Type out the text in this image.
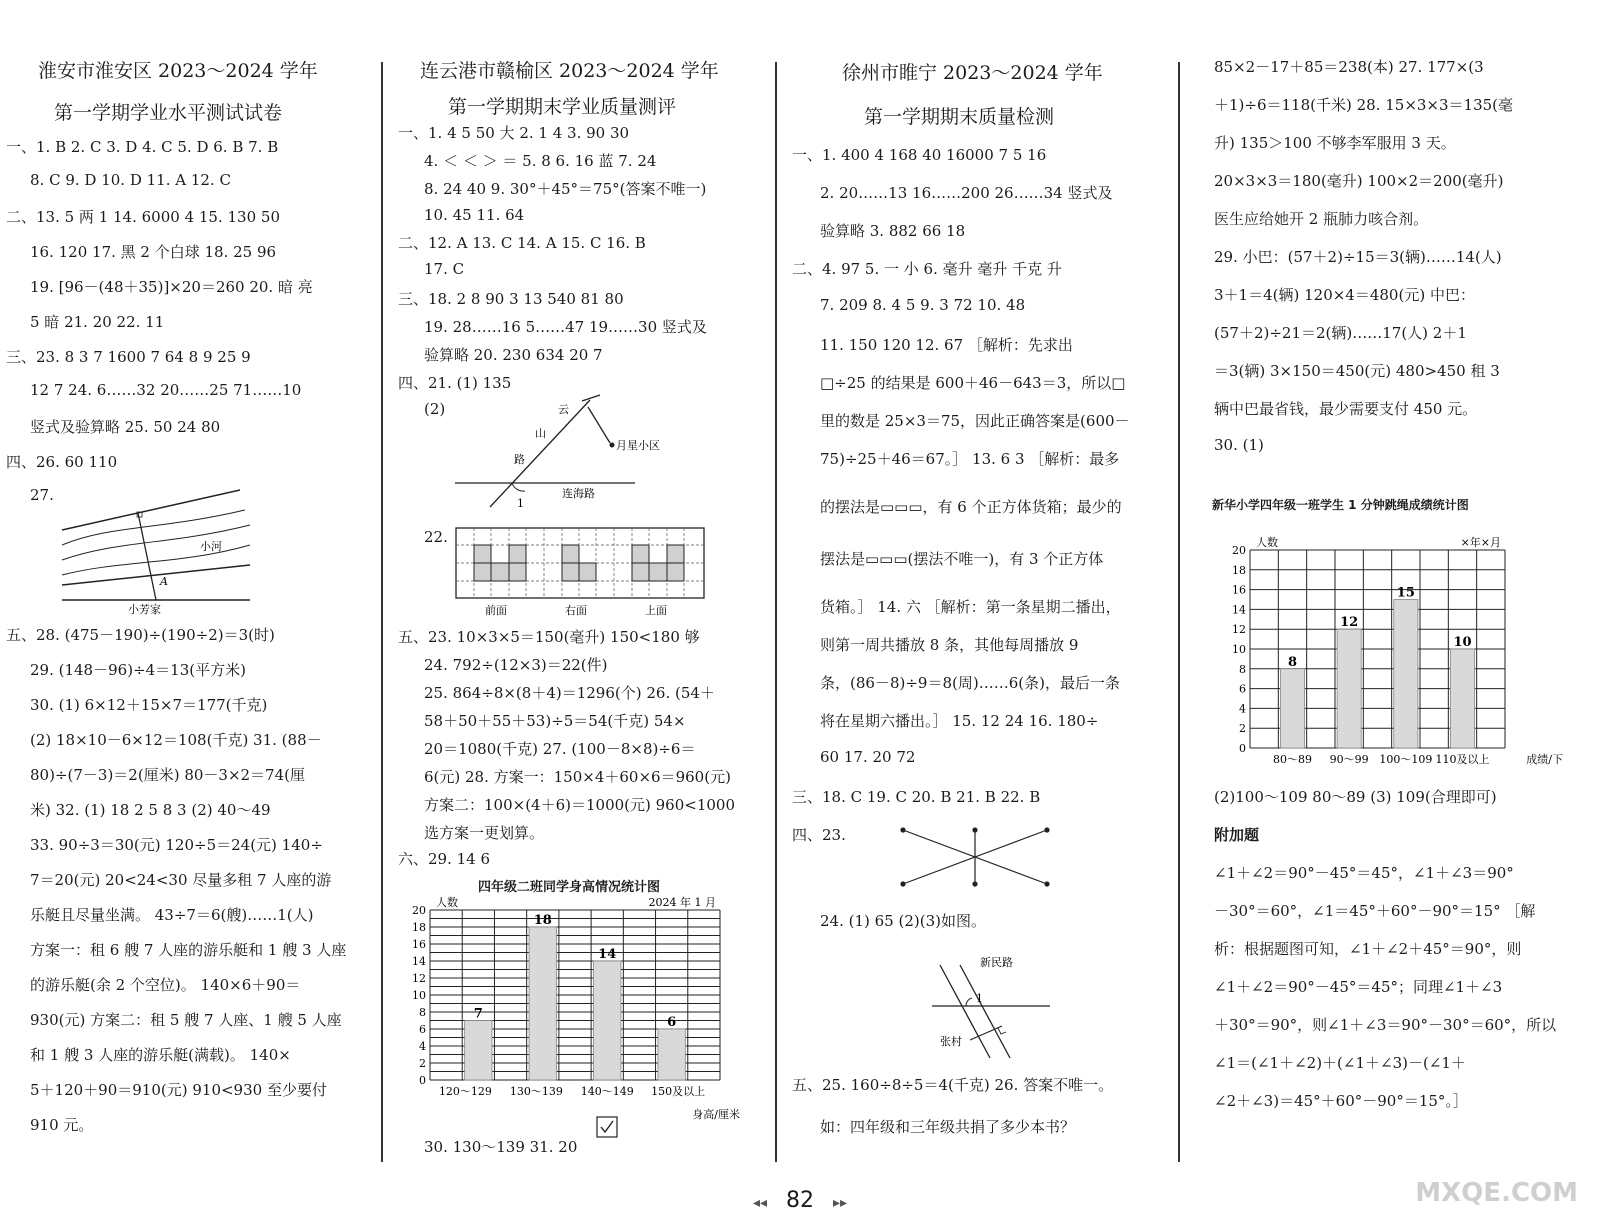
淮安市淮安区 2023～2024 学年
第一学期学业水平测试试卷
一、1. B 2. C 3. D 4. C 5. D 6. B 7. B
8. C 9. D 10. D 11. A 12. C
二、13. 5 两 1 14. 6000 4 15. 130 50
16. 120 17. 黑 2 个白球 18. 25 96
19. [96－(48＋35)]×20＝260 20. 暗 亮
5 暗 21. 20 22. 11
三、23. 8 3 7 1600 7 64 8 9 25 9
12 7 24. 6……32 20……25 71……10
竖式及验算略 25. 50 24 80
四、26. 60 110
27.
五、28. (475－190)÷(190÷2)＝3(时)
29. (148－96)÷4＝13(平方米)
30. (1) 6×12＋15×7＝177(千克)
(2) 18×10－6×12＝108(千克) 31. (88－
80)÷(7－3)＝2(厘米) 80－3×2＝74(厘
米) 32. (1) 18 2 5 8 3 (2) 40～49
33. 90÷3＝30(元) 120÷5＝24(元) 140÷
7＝20(元) 20<24<30 尽量多租 7 人座的游
乐艇且尽量坐满。 43÷7＝6(艘)……1(人)
方案一：租 6 艘 7 人座的游乐艇和 1 艘 3 人座
的游乐艇(余 2 个空位)。 140×6＋90＝
930(元) 方案二：租 5 艘 7 人座、1 艘 5 人座
和 1 艘 3 人座的游乐艇(满载)。 140×
5＋120＋90＝910(元) 910<930 至少要付
910 元。
小河
A
小芳家
连云港市赣榆区 2023～2024 学年
第一学期期末学业质量测评
一、1. 4 5 50 大 2. 1 4 3. 90 30
4. ＜ ＜ ＞ ＝ 5. 8 6. 16 蓝 7. 24
8. 24 40 9. 30°＋45°＝75°(答案不唯一)
10. 45 11. 64
二、12. A 13. C 14. A 15. C 16. B
17. C
三、18. 2 8 90 3 13 540 81 80
19. 28……16 5……47 19……30 竖式及
验算略 20. 230 634 20 7
四、21. (1) 135
(2)
22.
五、23. 10×3×5＝150(毫升) 150<180 够
24. 792÷(12×3)＝22(件)
25. 864÷8×(8＋4)＝1296(个) 26. (54＋
58＋50＋55＋53)÷5＝54(千克) 54×
20＝1080(千克) 27. (100－8×8)÷6＝
6(元) 28. 方案一：150×4＋60×6＝960(元)
方案二：100×(4＋6)＝1000(元) 960<1000
选方案一更划算。
六、29. 14 6
30. 130～139 31. 20
云
山
路
月星小区
连海路
1
前面	右面	上面
四年级二班同学身高情况统计图
0
2
4
6
8
10
12
14
16
18
20
7
120～129
18
130～139
14
140～149
6
150及以上
人数	2024 年 1 月
身高/厘米
徐州市睢宁 2023～2024 学年
第一学期期末质量检测
一、1. 400 4 168 40 16000 7 5 16
2. 20……13 16……200 26……34 竖式及
验算略 3. 882 66 18
二、4. 97 5. 一 小 6. 毫升 毫升 千克 升
7. 209 8. 4 5 9. 3 72 10. 48
11. 150 120 12. 67 ［解析：先求出
□÷25 的结果是 600＋46－643＝3，所以□
里的数是 25×3＝75，因此正确答案是(600－
75)÷25＋46＝67。］ 13. 6 3 ［解析：最多
的摆法是▭▭▭，有 6 个正方体货箱；最少的
摆法是▭▭▭(摆法不唯一)，有 3 个正方体
货箱。］ 14. 六 ［解析：第一条星期二播出，
则第一周共播放 8 条，其他每周播放 9
条，(86－8)÷9＝8(周)……6(条)，最后一条
将在星期六播出。］ 15. 12 24 16. 180÷
60 17. 20 72
三、18. C 19. C 20. B 21. B 22. B
四、23.
24. (1) 65 (2)(3)如图。
五、25. 160÷8÷5＝4(千克) 26. 答案不唯一。
如：四年级和三年级共捐了多少本书？
新民路
张村
1
85×2－17＋85＝238(本) 27. 177×(3
＋1)÷6＝118(千米) 28. 15×3×3＝135(毫
升) 135＞100 不够李军服用 3 天。
20×3×3＝180(毫升) 100×2＝200(毫升)
医生应给她开 2 瓶肺力咳合剂。
29. 小巴：(57＋2)÷15＝3(辆)……14(人)
3＋1＝4(辆) 120×4＝480(元) 中巴：
(57＋2)÷21＝2(辆)……17(人) 2＋1
＝3(辆) 3×150＝450(元) 480>450 租 3
辆中巴最省钱，最少需要支付 450 元。
30. (1)
(2)100～109 80～89 (3) 109(合理即可)
附加题
∠1＋∠2＝90°－45°＝45°，∠1＋∠3＝90°
－30°＝60°，∠1＝45°＋60°－90°＝15° ［解
析：根据题图可知，∠1＋∠2＋45°＝90°，则
∠1＋∠2＝90°－45°＝45°；同理∠1＋∠3
＋30°＝90°，则∠1＋∠3＝90°－30°＝60°，所以
∠1＝(∠1＋∠2)＋(∠1＋∠3)－(∠1＋
∠2＋∠3)＝45°＋60°－90°＝15°。］
新华小学四年级一班学生 1 分钟跳绳成绩统计图
0
2
4
6
8
10
12
14
16
18
20
8
80～89
12
90～99
15
100～109
10
110及以上
人数	×年×月
成绩/下
◂◂ 82 ▸▸	MXQE.COM
